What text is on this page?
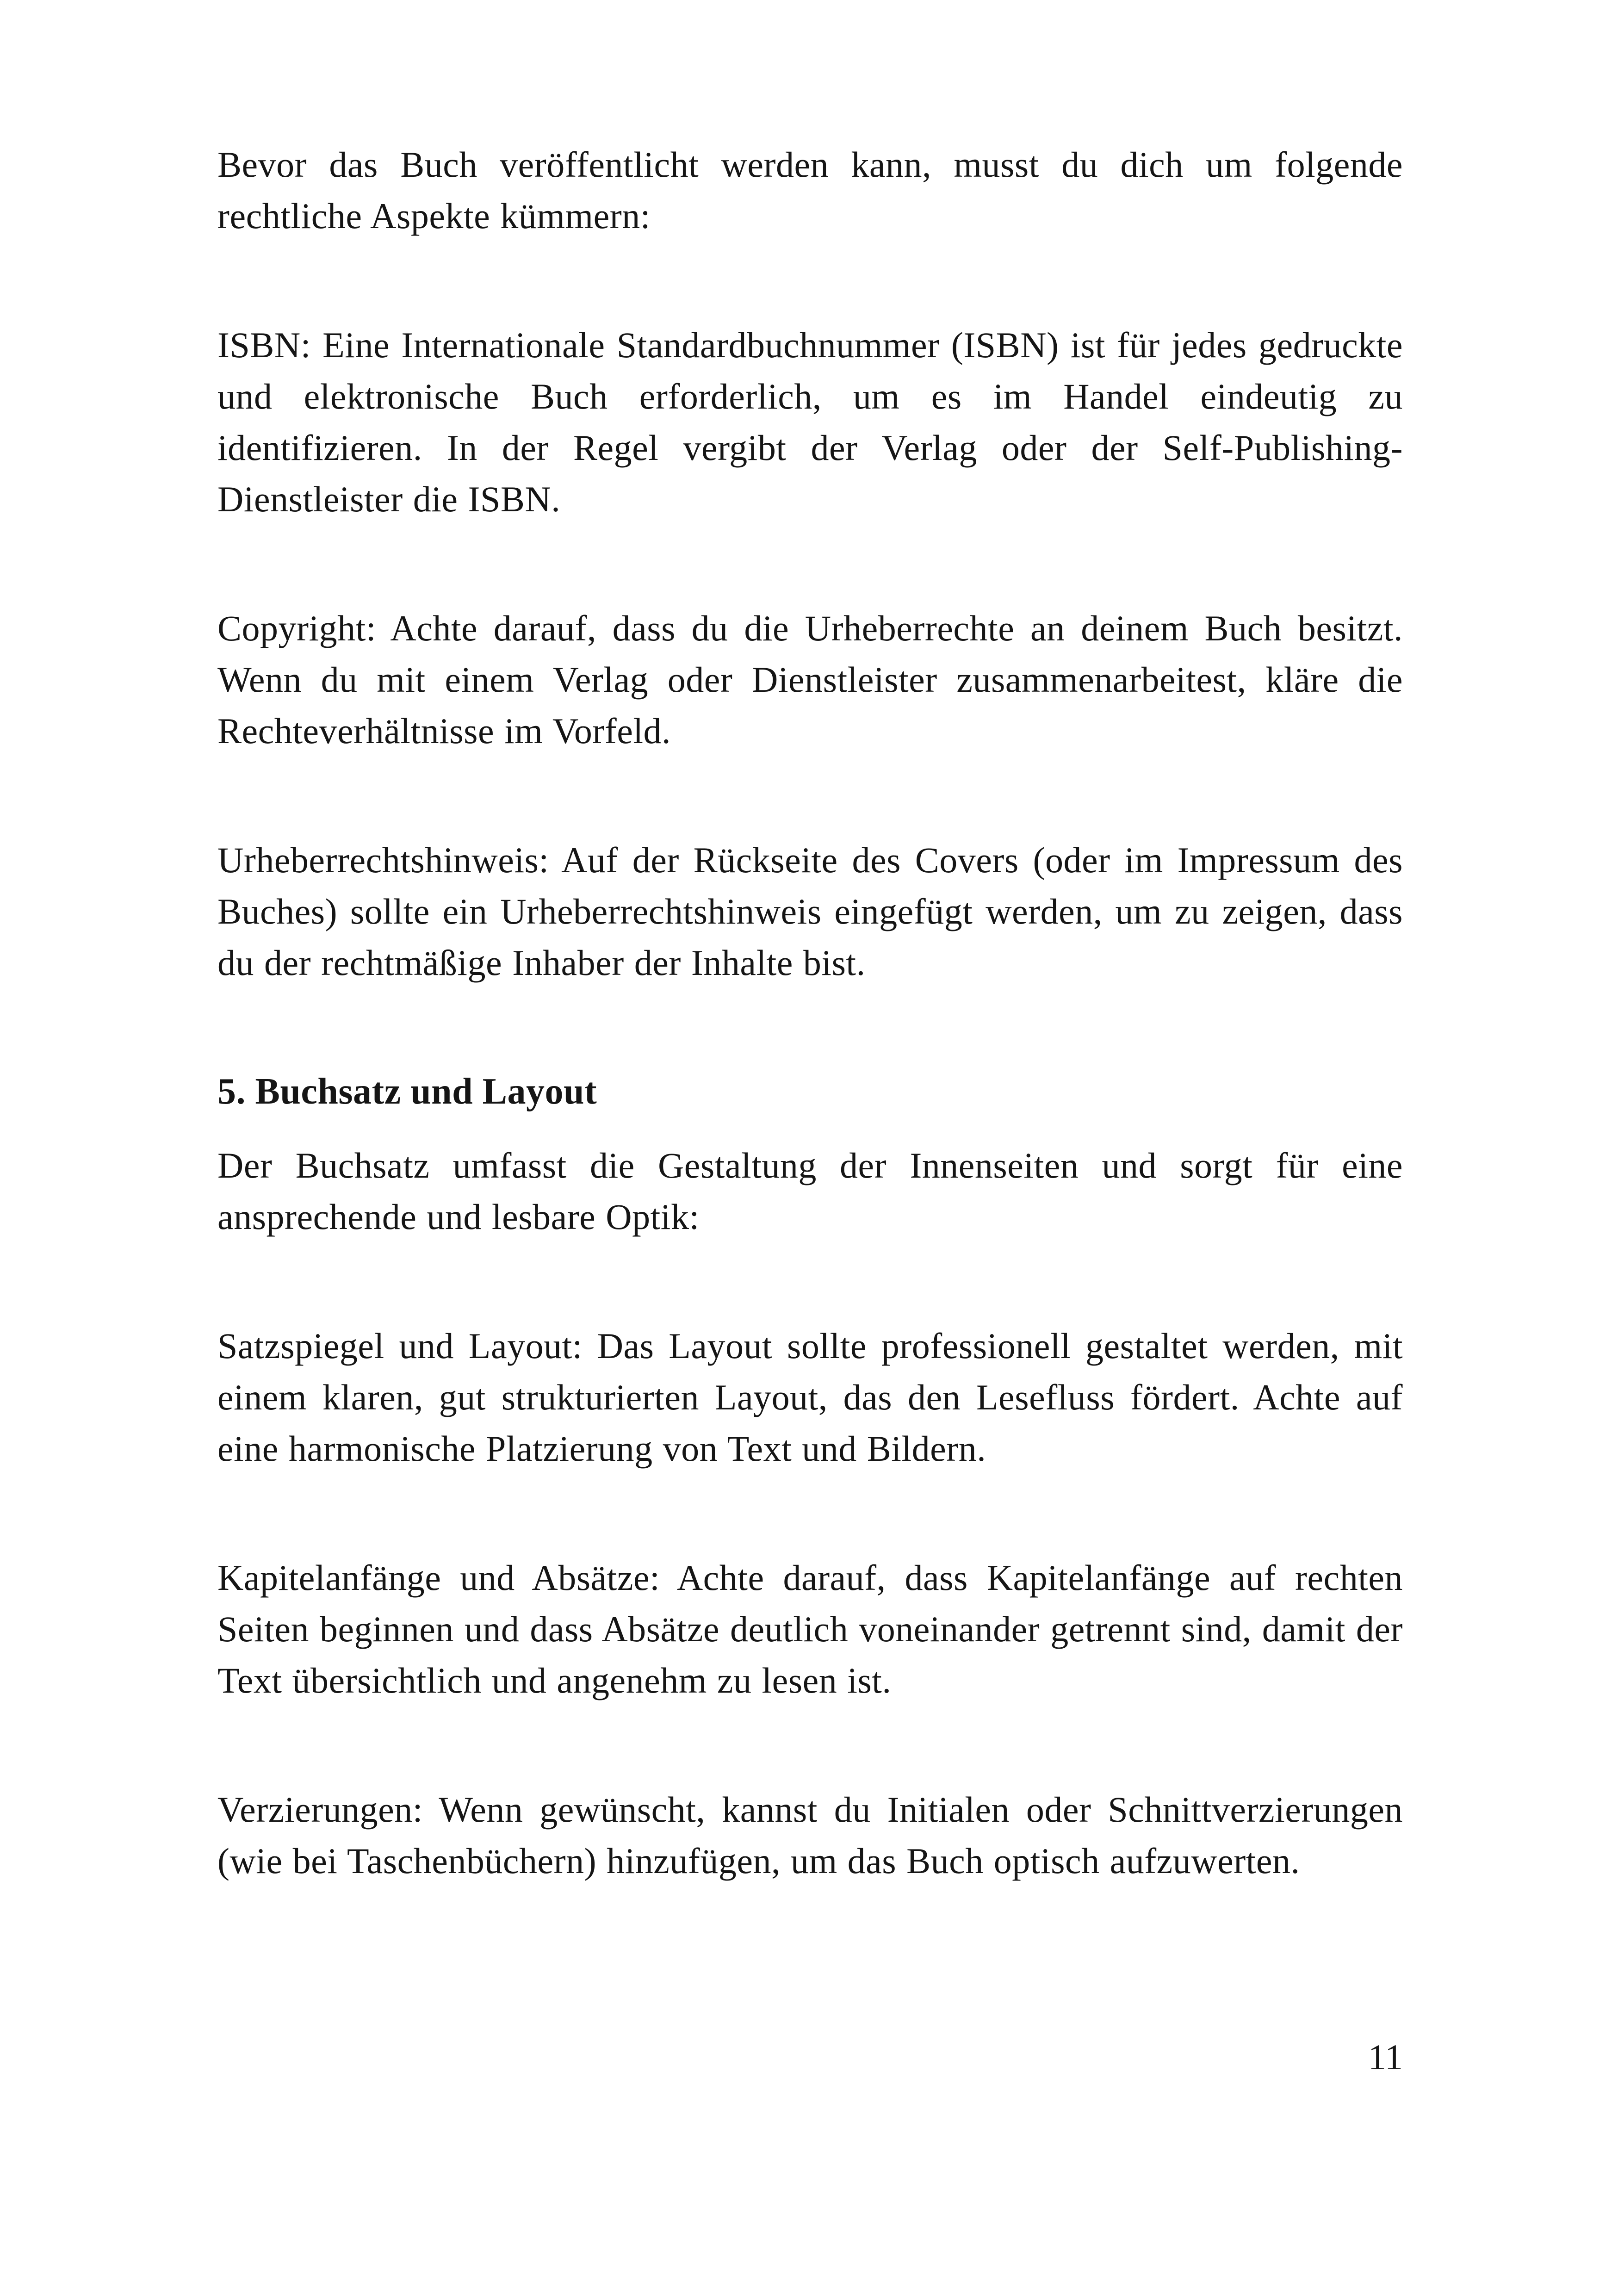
Bevor das Buch veröffentlicht werden kann, musst du dich um folgende rechtliche Aspekte kümmern:

ISBN: Eine Internationale Standardbuchnummer (ISBN) ist für jedes gedruckte und elektronische Buch erforderlich, um es im Handel eindeutig zu identifizieren. In der Regel vergibt der Verlag oder der Self-Publishing-Dienstleister die ISBN.

Copyright: Achte darauf, dass du die Urheberrechte an deinem Buch besitzt. Wenn du mit einem Verlag oder Dienstleister zusammenarbeitest, kläre die Rechteverhältnisse im Vorfeld.

Urheberrechtshinweis: Auf der Rückseite des Covers (oder im Impressum des Buches) sollte ein Urheberrechtshinweis eingefügt werden, um zu zeigen, dass du der rechtmäßige Inhaber der Inhalte bist.

5. Buchsatz und Layout

Der Buchsatz umfasst die Gestaltung der Innenseiten und sorgt für eine ansprechende und lesbare Optik:

Satzspiegel und Layout: Das Layout sollte professionell gestaltet werden, mit einem klaren, gut strukturierten Layout, das den Lesefluss fördert. Achte auf eine harmonische Platzierung von Text und Bildern.

Kapitelanfänge und Absätze: Achte darauf, dass Kapitelanfänge auf rechten Seiten beginnen und dass Absätze deutlich voneinander getrennt sind, damit der Text übersichtlich und angenehm zu lesen ist.

Verzierungen: Wenn gewünscht, kannst du Initialen oder Schnittverzierungen (wie bei Taschenbüchern) hinzufügen, um das Buch optisch aufzuwerten.

11
